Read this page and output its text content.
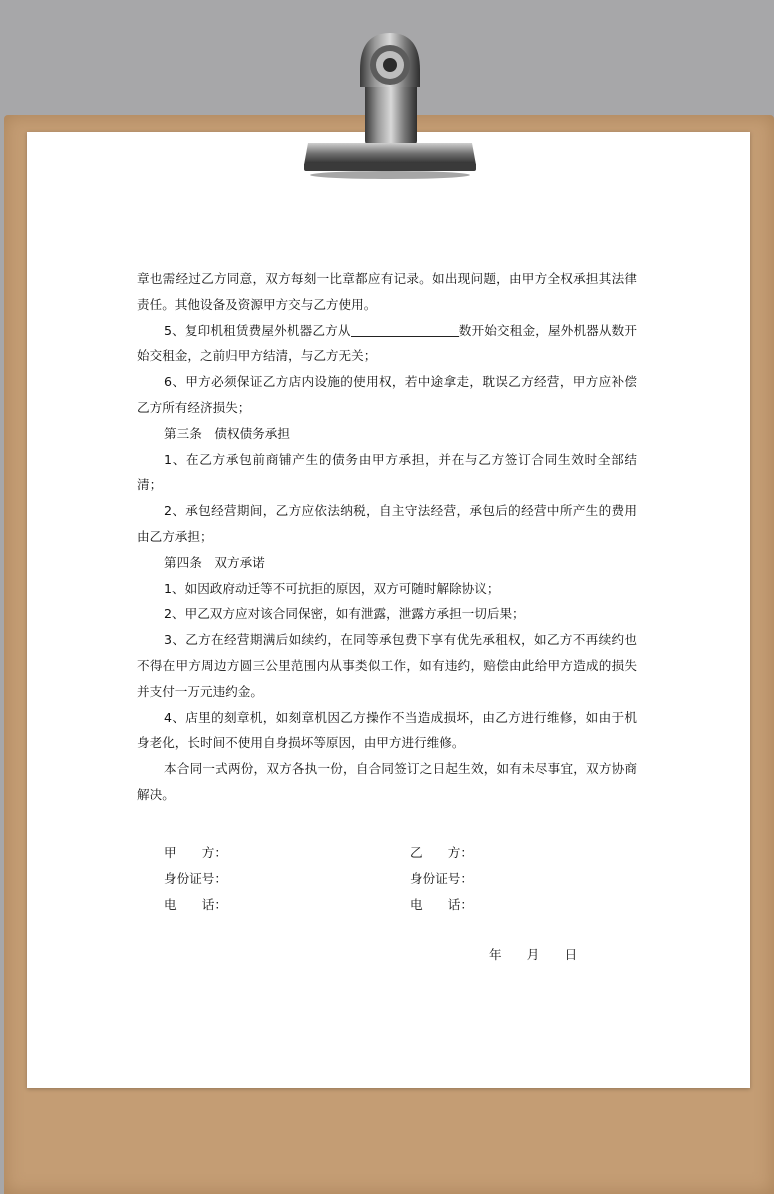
章也需经过乙方同意，双方每刻一比章都应有记录。如出现问题，由甲方全权承担其法律责任。其他设备及资源甲方交与乙方使用。

5、复印机租赁费屋外机器乙方从	数开始交租金，屋外机器从数开始交租金，之前归甲方结清，与乙方无关；

6、甲方必须保证乙方店内设施的使用权，若中途拿走，耽误乙方经营，甲方应补偿乙方所有经济损失；

第三条　债权债务承担

1、在乙方承包前商铺产生的债务由甲方承担，并在与乙方签订合同生效时全部结清；

2、承包经营期间，乙方应依法纳税，自主守法经营，承包后的经营中所产生的费用由乙方承担；

第四条　双方承诺

1、如因政府动迁等不可抗拒的原因，双方可随时解除协议；

2、甲乙双方应对该合同保密，如有泄露，泄露方承担一切后果；

3、乙方在经营期满后如续约，在同等承包费下享有优先承租权，如乙方不再续约也不得在甲方周边方圆三公里范围内从事类似工作，如有违约，赔偿由此给甲方造成的损失并支付一万元违约金。

4、店里的刻章机，如刻章机因乙方操作不当造成损坏，由乙方进行维修，如由于机身老化，长时间不使用自身损坏等原因，由甲方进行维修。

本合同一式两份，双方各执一份，自合同签订之日起生效，如有未尽事宜，双方协商解决。

甲　　方：	乙　　方：
身份证号：	身份证号：
电　　话：	电　　话：
年　　月　　日
